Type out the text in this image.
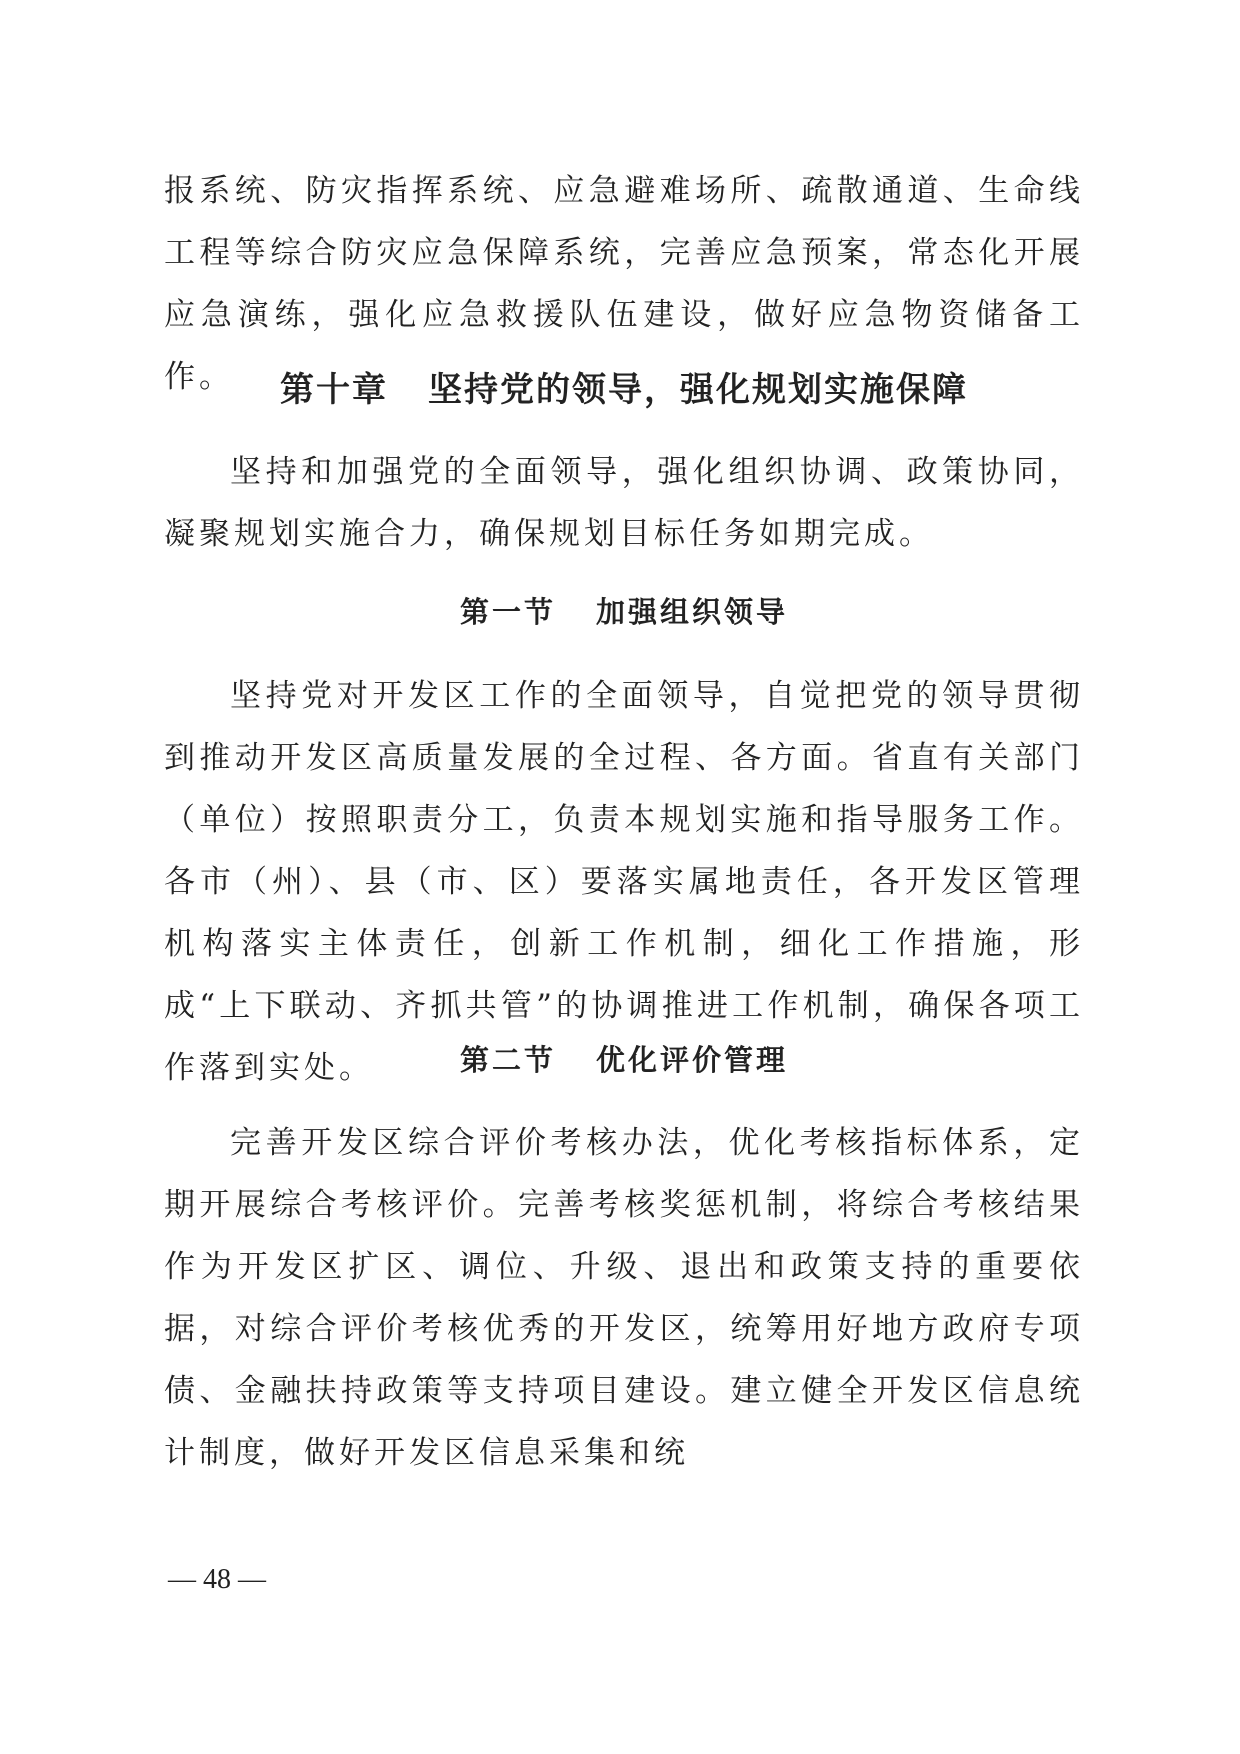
报系统、防灾指挥系统、应急避难场所、疏散通道、生命线工程等综合防灾应急保障系统，完善应急预案，常态化开展应急演练，强化应急救援队伍建设，做好应急物资储备工作。	第十章 坚持党的领导，强化规划实施保障

坚持和加强党的全面领导，强化组织协调、政策协同，凝聚规划实施合力，确保规划目标任务如期完成。

第一节 加强组织领导

坚持党对开发区工作的全面领导，自觉把党的领导贯彻到推动开发区高质量发展的全过程、各方面。省直有关部门（单位）按照职责分工，负责本规划实施和指导服务工作。各市（州）、县（市、区）要落实属地责任，各开发区管理机构落实主体责任，创新工作机制，细化工作措施，形成“上下联动、齐抓共管”的协调推进工作机制，确保各项工作落到实处。	第二节 优化评价管理

完善开发区综合评价考核办法，优化考核指标体系，定期开展综合考核评价。完善考核奖惩机制，将综合考核结果作为开发区扩区、调位、升级、退出和政策支持的重要依据，对综合评价考核优秀的开发区，统筹用好地方政府专项债、金融扶持政策等支持项目建设。建立健全开发区信息统计制度，做好开发区信息采集和统

— 48 —
